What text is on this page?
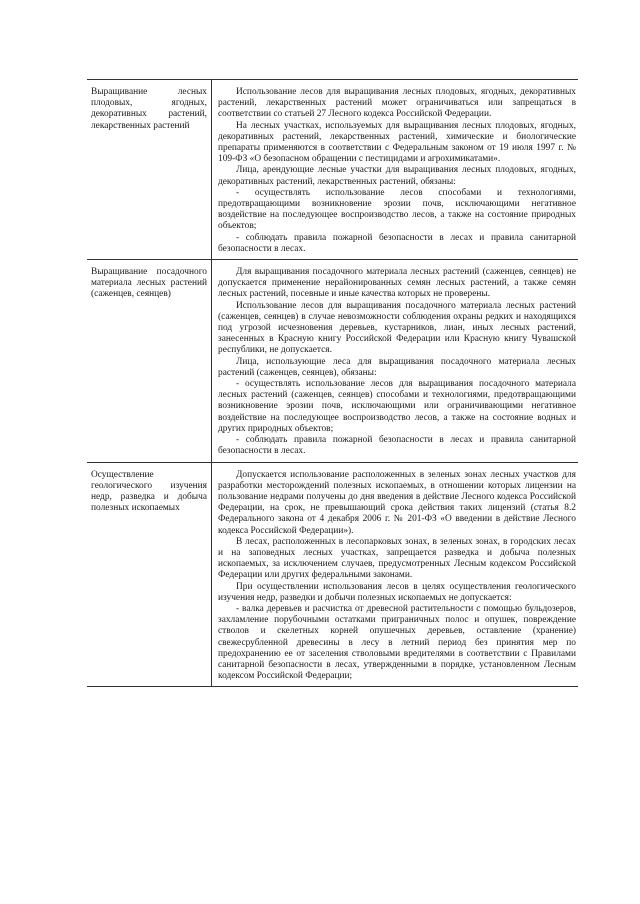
Выращивание лесных плодовых, ягодных, декоративных растений, лекарственных растений	Использование лесов для выращивания лесных плодовых, ягодных, декоративных растений, лекарственных растений может ограничиваться или запрещаться в соответствии со статьей 27 Лесного кодекса Российской Федерации.

На лесных участках, используемых для выращивания лесных плодовых, ягодных, декоративных растений, лекарственных растений, химические и биологические препараты применяются в соответствии с Федеральным законом от 19 июля 1997 г. № 109-ФЗ «О безопасном обращении с пестицидами и агрохимикатами».

Лица, арендующие лесные участки для выращивания лесных плодовых, ягодных, декоративных растений, лекарственных растений, обязаны:

- осуществлять использование лесов способами и технологиями, предотвращающими возникновение эрозии почв, исключающими негативное воздействие на последующее воспроизводство лесов, а также на состояние природных объектов;

- соблюдать правила пожарной безопасности в лесах и правила санитарной безопасности в лесах.

Выращивание посадочного материала лесных растений (саженцев, сеянцев)	Для выращивания посадочного материала лесных растений (саженцев, сеянцев) не допускается применение нерайонированных семян лесных растений, а также семян лесных растений, посевные и иные качества которых не проверены.

Использование лесов для выращивания посадочного материала лесных растений (саженцев, сеянцев) в случае невозможности соблюдения охраны редких и находящихся под угрозой исчезновения деревьев, кустарников, лиан, иных лесных растений, занесенных в Красную книгу Российской Федерации или Красную книгу Чувашской республики, не допускается.

Лица, использующие леса для выращивания посадочного материала лесных растений (саженцев, сеянцев), обязаны:

- осуществлять использование лесов для выращивания посадочного материала лесных растений (саженцев, сеянцев) способами и технологиями, предотвращающими возникновение эрозии почв, исключающими или ограничивающими негативное воздействие на последующее воспроизводство лесов, а также на состояние водных и других природных объектов;

- соблюдать правила пожарной безопасности в лесах и правила санитарной безопасности в лесах.

Осуществление геологического изучения недр, разведка и добыча полезных ископаемых	Допускается использование расположенных в зеленых зонах лесных участков для разработки месторождений полезных ископаемых, в отношении которых лицензии на пользование недрами получены до дня введения в действие Лесного кодекса Российской Федерации, на срок, не превышающий срока действия таких лицензий (статья 8.2 Федерального закона от 4 декабря 2006 г. № 201-ФЗ «О введении в действие Лесного кодекса Российской Федерации»).

В лесах, расположенных в лесопарковых зонах, в зеленых зонах, в городских лесах и на заповедных лесных участках, запрещается разведка и добыча полезных ископаемых, за исключением случаев, предусмотренных Лесным кодексом Российской Федерации или других федеральными законами.

При осуществлении использования лесов в целях осуществления геологического изучения недр, разведки и добычи полезных ископаемых не допускается:

- валка деревьев и расчистка от древесной растительности с помощью бульдозеров, захламление порубочными остатками приграничных полос и опушек, повреждение стволов и скелетных корней опушечных деревьев, оставление (хранение) свежесрубленной древесины в лесу в летний период без принятия мер по предохранению ее от заселения стволовыми вредителями в соответствии с Правилами санитарной безопасности в лесах, утвержденными в порядке, установленном Лесным кодексом Российской Федерации;
